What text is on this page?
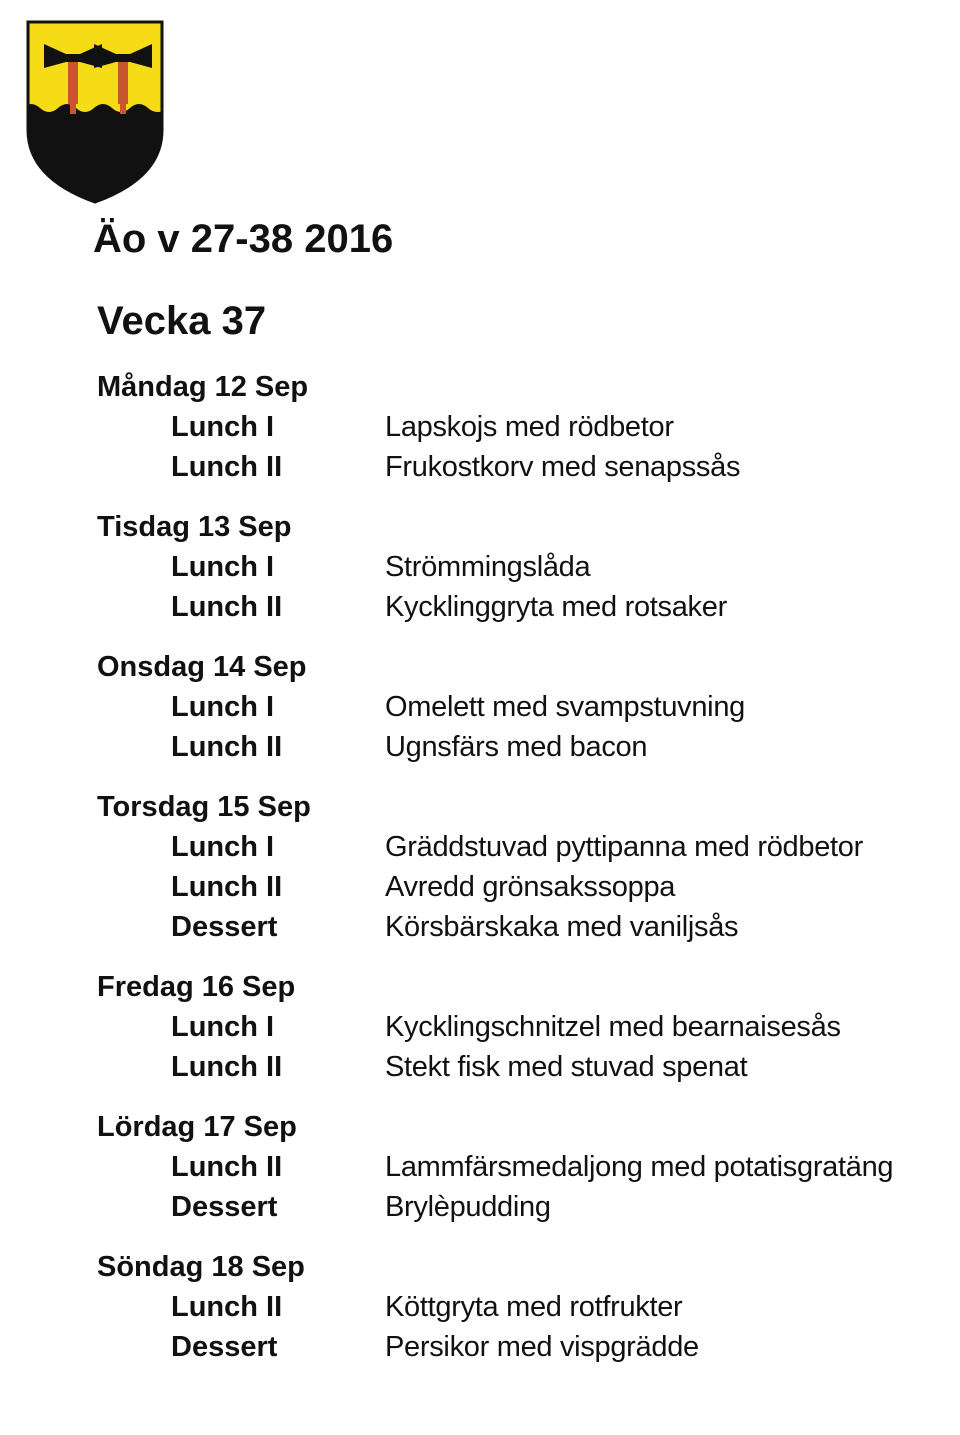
Äo v 27-38 2016
Vecka 37
Måndag 12 Sep
Lunch I	Lapskojs med rödbetor
Lunch II	Frukostkorv med senapssås
Tisdag 13 Sep
Lunch I	Strömmingslåda
Lunch II	Kycklinggryta med rotsaker
Onsdag 14 Sep
Lunch I	Omelett med svampstuvning
Lunch II	Ugnsfärs med bacon
Torsdag 15 Sep
Lunch I	Gräddstuvad pyttipanna med rödbetor
Lunch II	Avredd grönsakssoppa
Dessert	Körsbärskaka med vaniljsås
Fredag 16 Sep
Lunch I	Kycklingschnitzel med bearnaisesås
Lunch II	Stekt fisk med stuvad spenat
Lördag 17 Sep
Lunch II	Lammfärsmedaljong med potatisgratäng
Dessert	Brylèpudding
Söndag 18 Sep
Lunch II	Köttgryta med rotfrukter
Dessert	Persikor med vispgrädde
